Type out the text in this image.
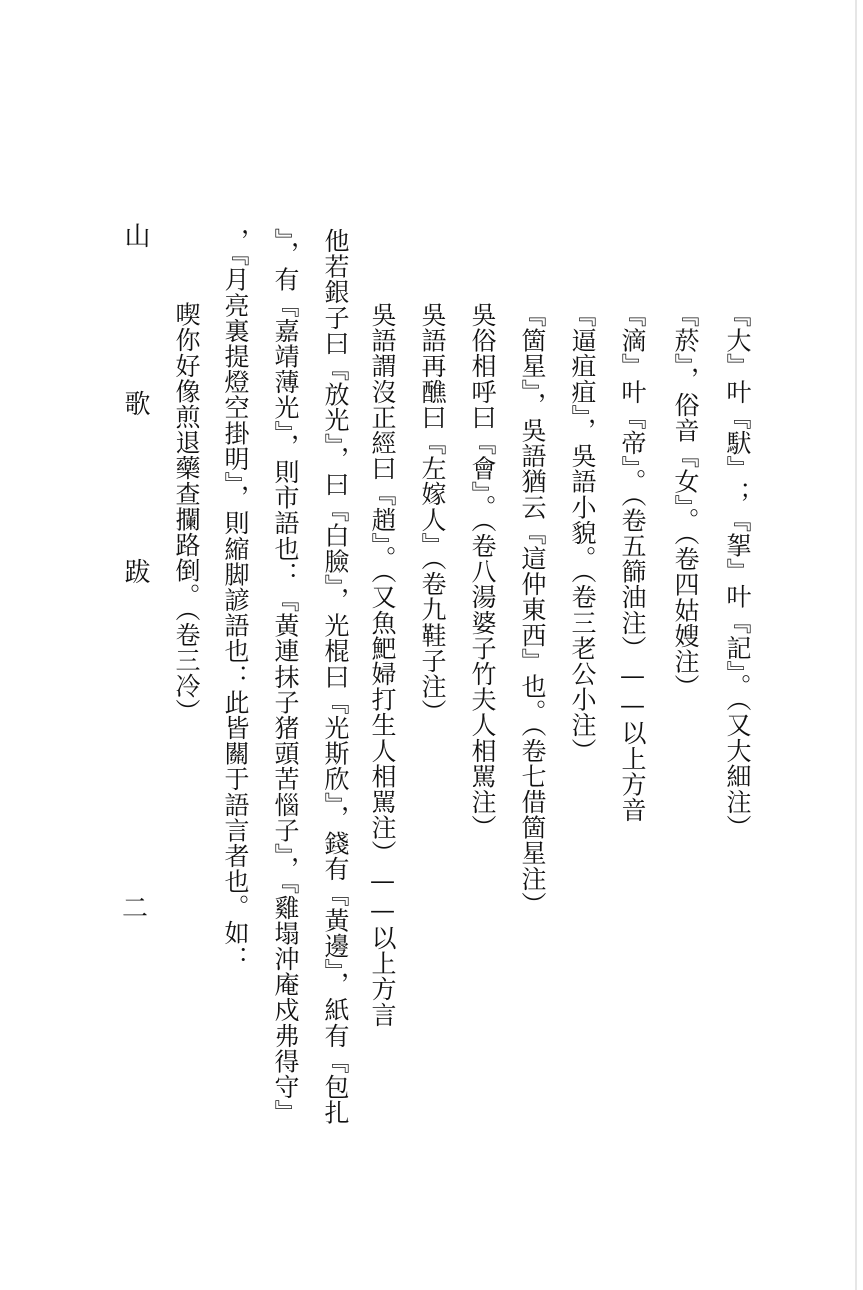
山歌跋
二
『大』叶『䭾』；『挐』叶『記』。（又大細注）
『菸』，俗音『女』。（卷四姑嫂注）
『滴』叶『帝』。（卷五篩油注）——以上方音
『逼疽疽』，吳語小貌。（卷三老公小注）
『箇星』，吳語猶云『這仲東西』也。（卷七借箇星注）
吳俗相呼曰『會』。（卷八湯婆子竹夫人相駡注）
吳語再醮曰『左嫁人』（卷九鞋子注）
吳語謂沒正經曰『趙』。（又魚䰾婦打生人相駡注）——以上方言
他若銀子曰『放光』，曰『白臉』，光棍曰『光斯欣』，錢有『黃邊』，紙有『包扎
』，有『嘉靖薄光』，則市語也：『黃連抹子猪頭苦惱子』，『雞塌沖庵戍弗得守』
，『月亮裏提燈空掛明』，則縮脚諺語也：此皆關于語言者也。如：
　喫你好像煎退藥查攔路倒。（卷三冷）
